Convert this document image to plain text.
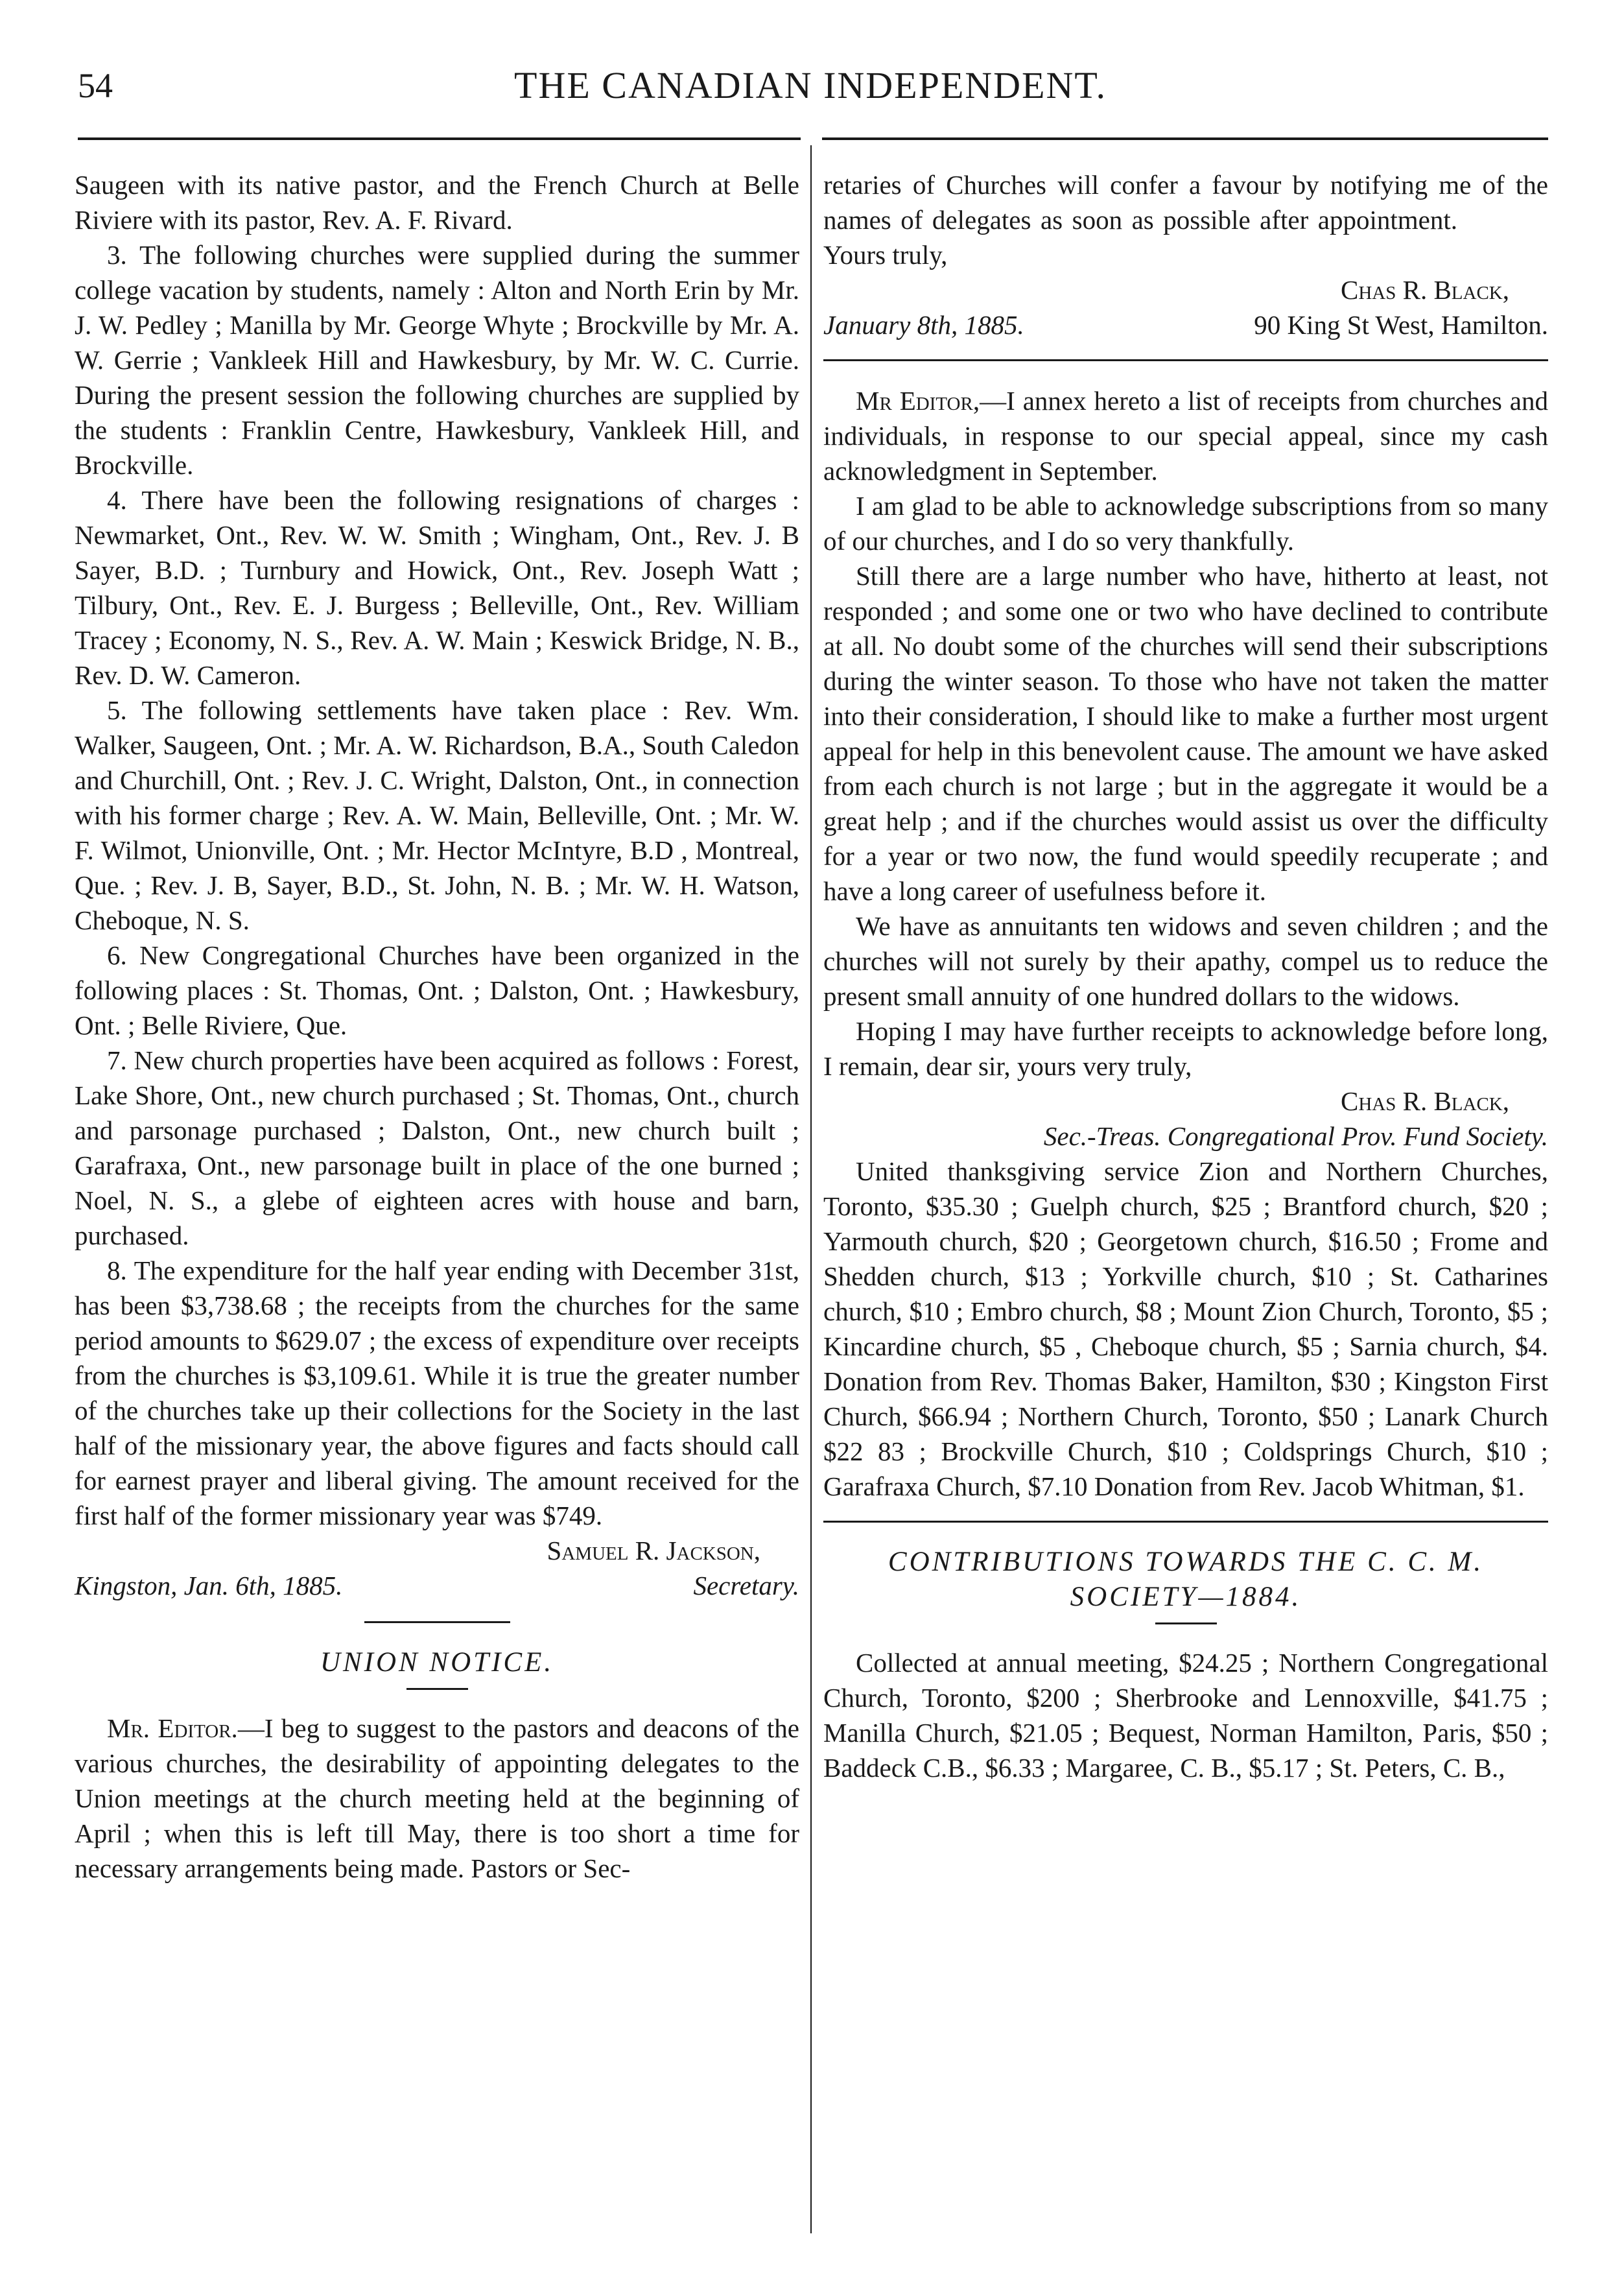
54	THE CANADIAN INDEPENDENT.

Saugeen with its native pastor, and the French Church at Belle Riviere with its pastor, Rev. A. F. Rivard.

3. The following churches were supplied during the summer college vacation by students, namely : Alton and North Erin by Mr. J. W. Pedley ; Manilla by Mr. George Whyte ; Brockville by Mr. A. W. Gerrie ; Vankleek Hill and Hawkesbury, by Mr. W. C. Currie. During the present session the following churches are supplied by the students : Franklin Centre, Hawkesbury, Vankleek Hill, and Brockville.

4. There have been the following resignations of charges : Newmarket, Ont., Rev. W. W. Smith ; Wingham, Ont., Rev. J. B Sayer, B.D. ; Turnbury and Howick, Ont., Rev. Joseph Watt ; Tilbury, Ont., Rev. E. J. Burgess ; Belleville, Ont., Rev. William Tracey ; Economy, N. S., Rev. A. W. Main ; Keswick Bridge, N. B., Rev. D. W. Cameron.

5. The following settlements have taken place : Rev. Wm. Walker, Saugeen, Ont. ; Mr. A. W. Richardson, B.A., South Caledon and Churchill, Ont. ; Rev. J. C. Wright, Dalston, Ont., in connection with his former charge ; Rev. A. W. Main, Belleville, Ont. ; Mr. W. F. Wilmot, Unionville, Ont. ; Mr. Hector McIntyre, B.D , Montreal, Que. ; Rev. J. B, Sayer, B.D., St. John, N. B. ; Mr. W. H. Watson, Cheboque, N. S.

6. New Congregational Churches have been organized in the following places : St. Thomas, Ont. ; Dalston, Ont. ; Hawkesbury, Ont. ; Belle Riviere, Que.

7. New church properties have been acquired as follows : Forest, Lake Shore, Ont., new church purchased ; St. Thomas, Ont., church and parsonage purchased ; Dalston, Ont., new church built ; Garafraxa, Ont., new parsonage built in place of the one burned ; Noel, N. S., a glebe of eighteen acres with house and barn, purchased.

8. The expenditure for the half year ending with December 31st, has been $3,738.68 ; the receipts from the churches for the same period amounts to $629.07 ; the excess of expenditure over receipts from the churches is $3,109.61. While it is true the greater number of the churches take up their collections for the Society in the last half of the missionary year, the above figures and facts should call for earnest prayer and liberal giving. The amount received for the first half of the former missionary year was $749.

Samuel R. Jackson,

Kingston, Jan. 6th, 1885.	Secretary.
UNION NOTICE.

Mr. Editor.—I beg to suggest to the pastors and deacons of the various churches, the desirability of appointing delegates to the Union meetings at the church meeting held at the beginning of April ; when this is left till May, there is too short a time for necessary arrangements being made. Pastors or Sec-

retaries of Churches will confer a favour by notifying me of the names of delegates as soon as possible after appointment.Yours truly,

Chas R. Black,

January 8th, 1885.	90 King St West, Hamilton.

Mr Editor,—I annex hereto a list of receipts from churches and individuals, in response to our special appeal, since my cash acknowledgment in September.

I am glad to be able to acknowledge subscriptions from so many of our churches, and I do so very thankfully.

Still there are a large number who have, hitherto at least, not responded ; and some one or two who have declined to contribute at all. No doubt some of the churches will send their subscriptions during the winter season. To those who have not taken the matter into their consideration, I should like to make a further most urgent appeal for help in this benevolent cause. The amount we have asked from each church is not large ; but in the aggregate it would be a great help ; and if the churches would assist us over the difficulty for a year or two now, the fund would speedily recuperate ; and have a long career of usefulness before it.

We have as annuitants ten widows and seven children ; and the churches will not surely by their apathy, compel us to reduce the present small annuity of one hundred dollars to the widows.

Hoping I may have further receipts to acknowledge before long, I remain, dear sir, yours very truly,

Chas R. Black,

Sec.-Treas. Congregational Prov. Fund Society.

United thanksgiving service Zion and Northern Churches, Toronto, $35.30 ; Guelph church, $25 ; Brantford church, $20 ; Yarmouth church, $20 ; Georgetown church, $16.50 ; Frome and Shedden church, $13 ; Yorkville church, $10 ; St. Catharines church, $10 ; Embro church, $8 ; Mount Zion Church, Toronto, $5 ; Kincardine church, $5 , Cheboque church, $5 ; Sarnia church, $4. Donation from Rev. Thomas Baker, Hamilton, $30 ; Kingston First Church, $66.94 ; Northern Church, Toronto, $50 ; Lanark Church $22 83 ; Brockville Church, $10 ; Coldsprings Church, $10 ; Garafraxa Church, $7.10 Donation from Rev. Jacob Whitman, $1.

CONTRIBUTIONS TOWARDS THE C. C. M. SOCIETY—1884.

Collected at annual meeting, $24.25 ; Northern Congregational Church, Toronto, $200 ; Sherbrooke and Lennoxville, $41.75 ; Manilla Church, $21.05 ; Bequest, Norman Hamilton, Paris, $50 ; Baddeck C.B., $6.33 ; Margaree, C. B., $5.17 ; St. Peters, C. B.,
